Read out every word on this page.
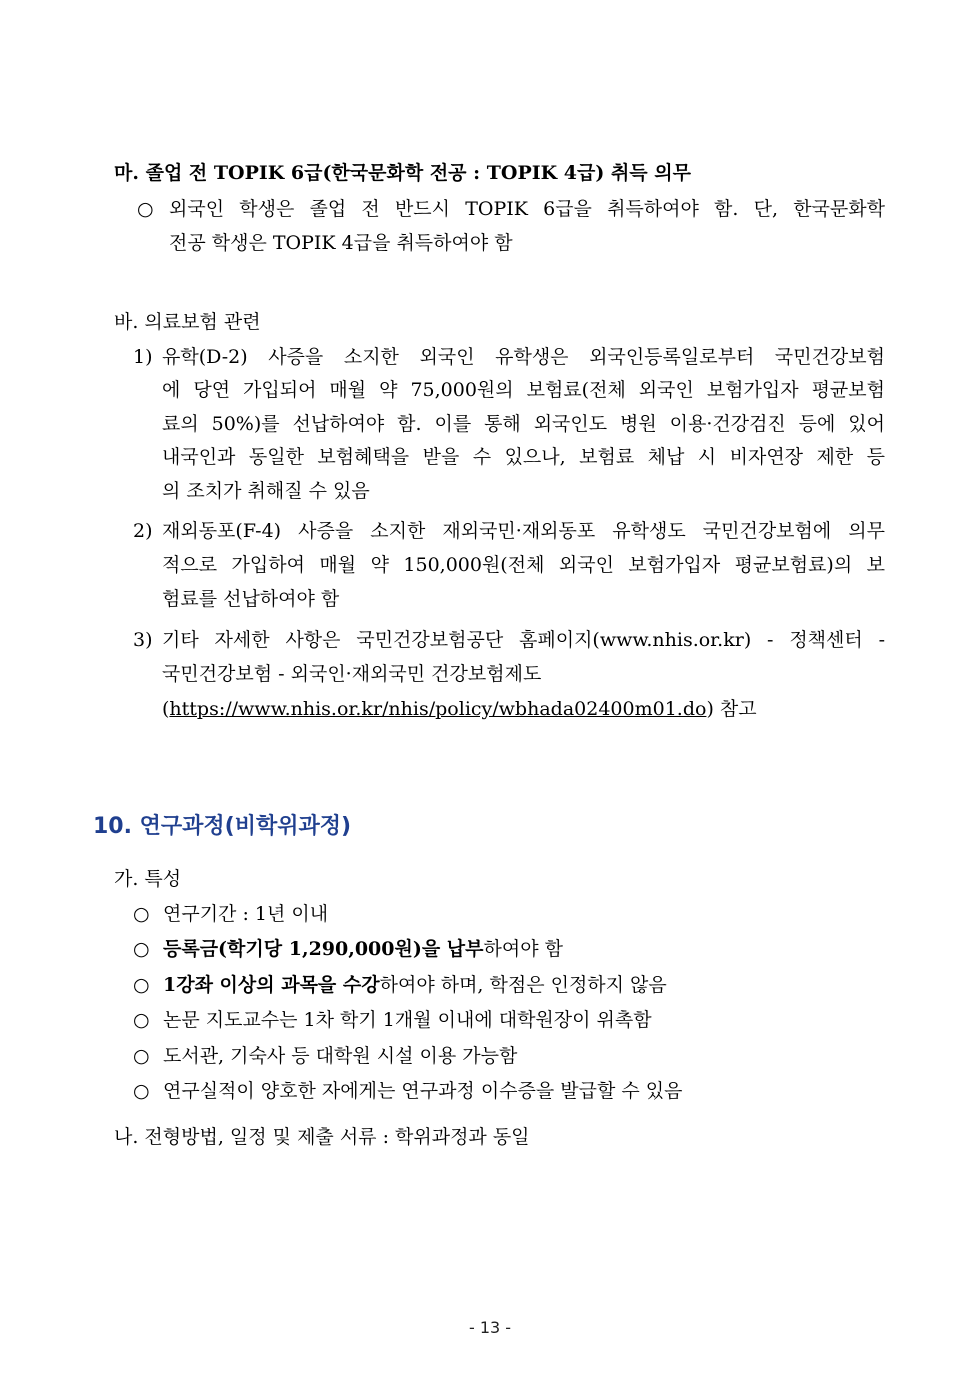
마. 졸업 전 TOPIK 6급(한국문화학 전공 : TOPIK 4급) 취득 의무
○ 외국인 학생은 졸업 전 반드시 TOPIK 6급을 취득하여야 함. 단, 한국문화학
전공 학생은 TOPIK 4급을 취득하여야 함
바. 의료보험 관련
1) 유학(D-2) 사증을 소지한 외국인 유학생은 외국인등록일로부터 국민건강보험
에 당연 가입되어 매월 약 75,000원의 보험료(전체 외국인 보험가입자 평균보험
료의 50%)를 선납하여야 함. 이를 통해 외국인도 병원 이용·건강검진 등에 있어
내국인과 동일한 보험혜택을 받을 수 있으나, 보험료 체납 시 비자연장 제한 등
의 조치가 취해질 수 있음
2) 재외동포(F-4) 사증을 소지한 재외국민·재외동포 유학생도 국민건강보험에 의무
적으로 가입하여 매월 약 150,000원(전체 외국인 보험가입자 평균보험료)의 보
험료를 선납하여야 함
3) 기타 자세한 사항은 국민건강보험공단 홈페이지(www.nhis.or.kr) - 정책센터 -
국민건강보험 - 외국인·재외국민 건강보험제도
(https://www.nhis.or.kr/nhis/policy/wbhada02400m01.do) 참고
10. 연구과정(비학위과정)
가. 특성
○ 연구기간 : 1년 이내
○ 등록금(학기당 1,290,000원)을 납부하여야 함
○ 1강좌 이상의 과목을 수강하여야 하며, 학점은 인정하지 않음
○ 논문 지도교수는 1차 학기 1개월 이내에 대학원장이 위촉함
○ 도서관, 기숙사 등 대학원 시설 이용 가능함
○ 연구실적이 양호한 자에게는 연구과정 이수증을 발급할 수 있음
나. 전형방법, 일정 및 제출 서류 : 학위과정과 동일
- 13 -
